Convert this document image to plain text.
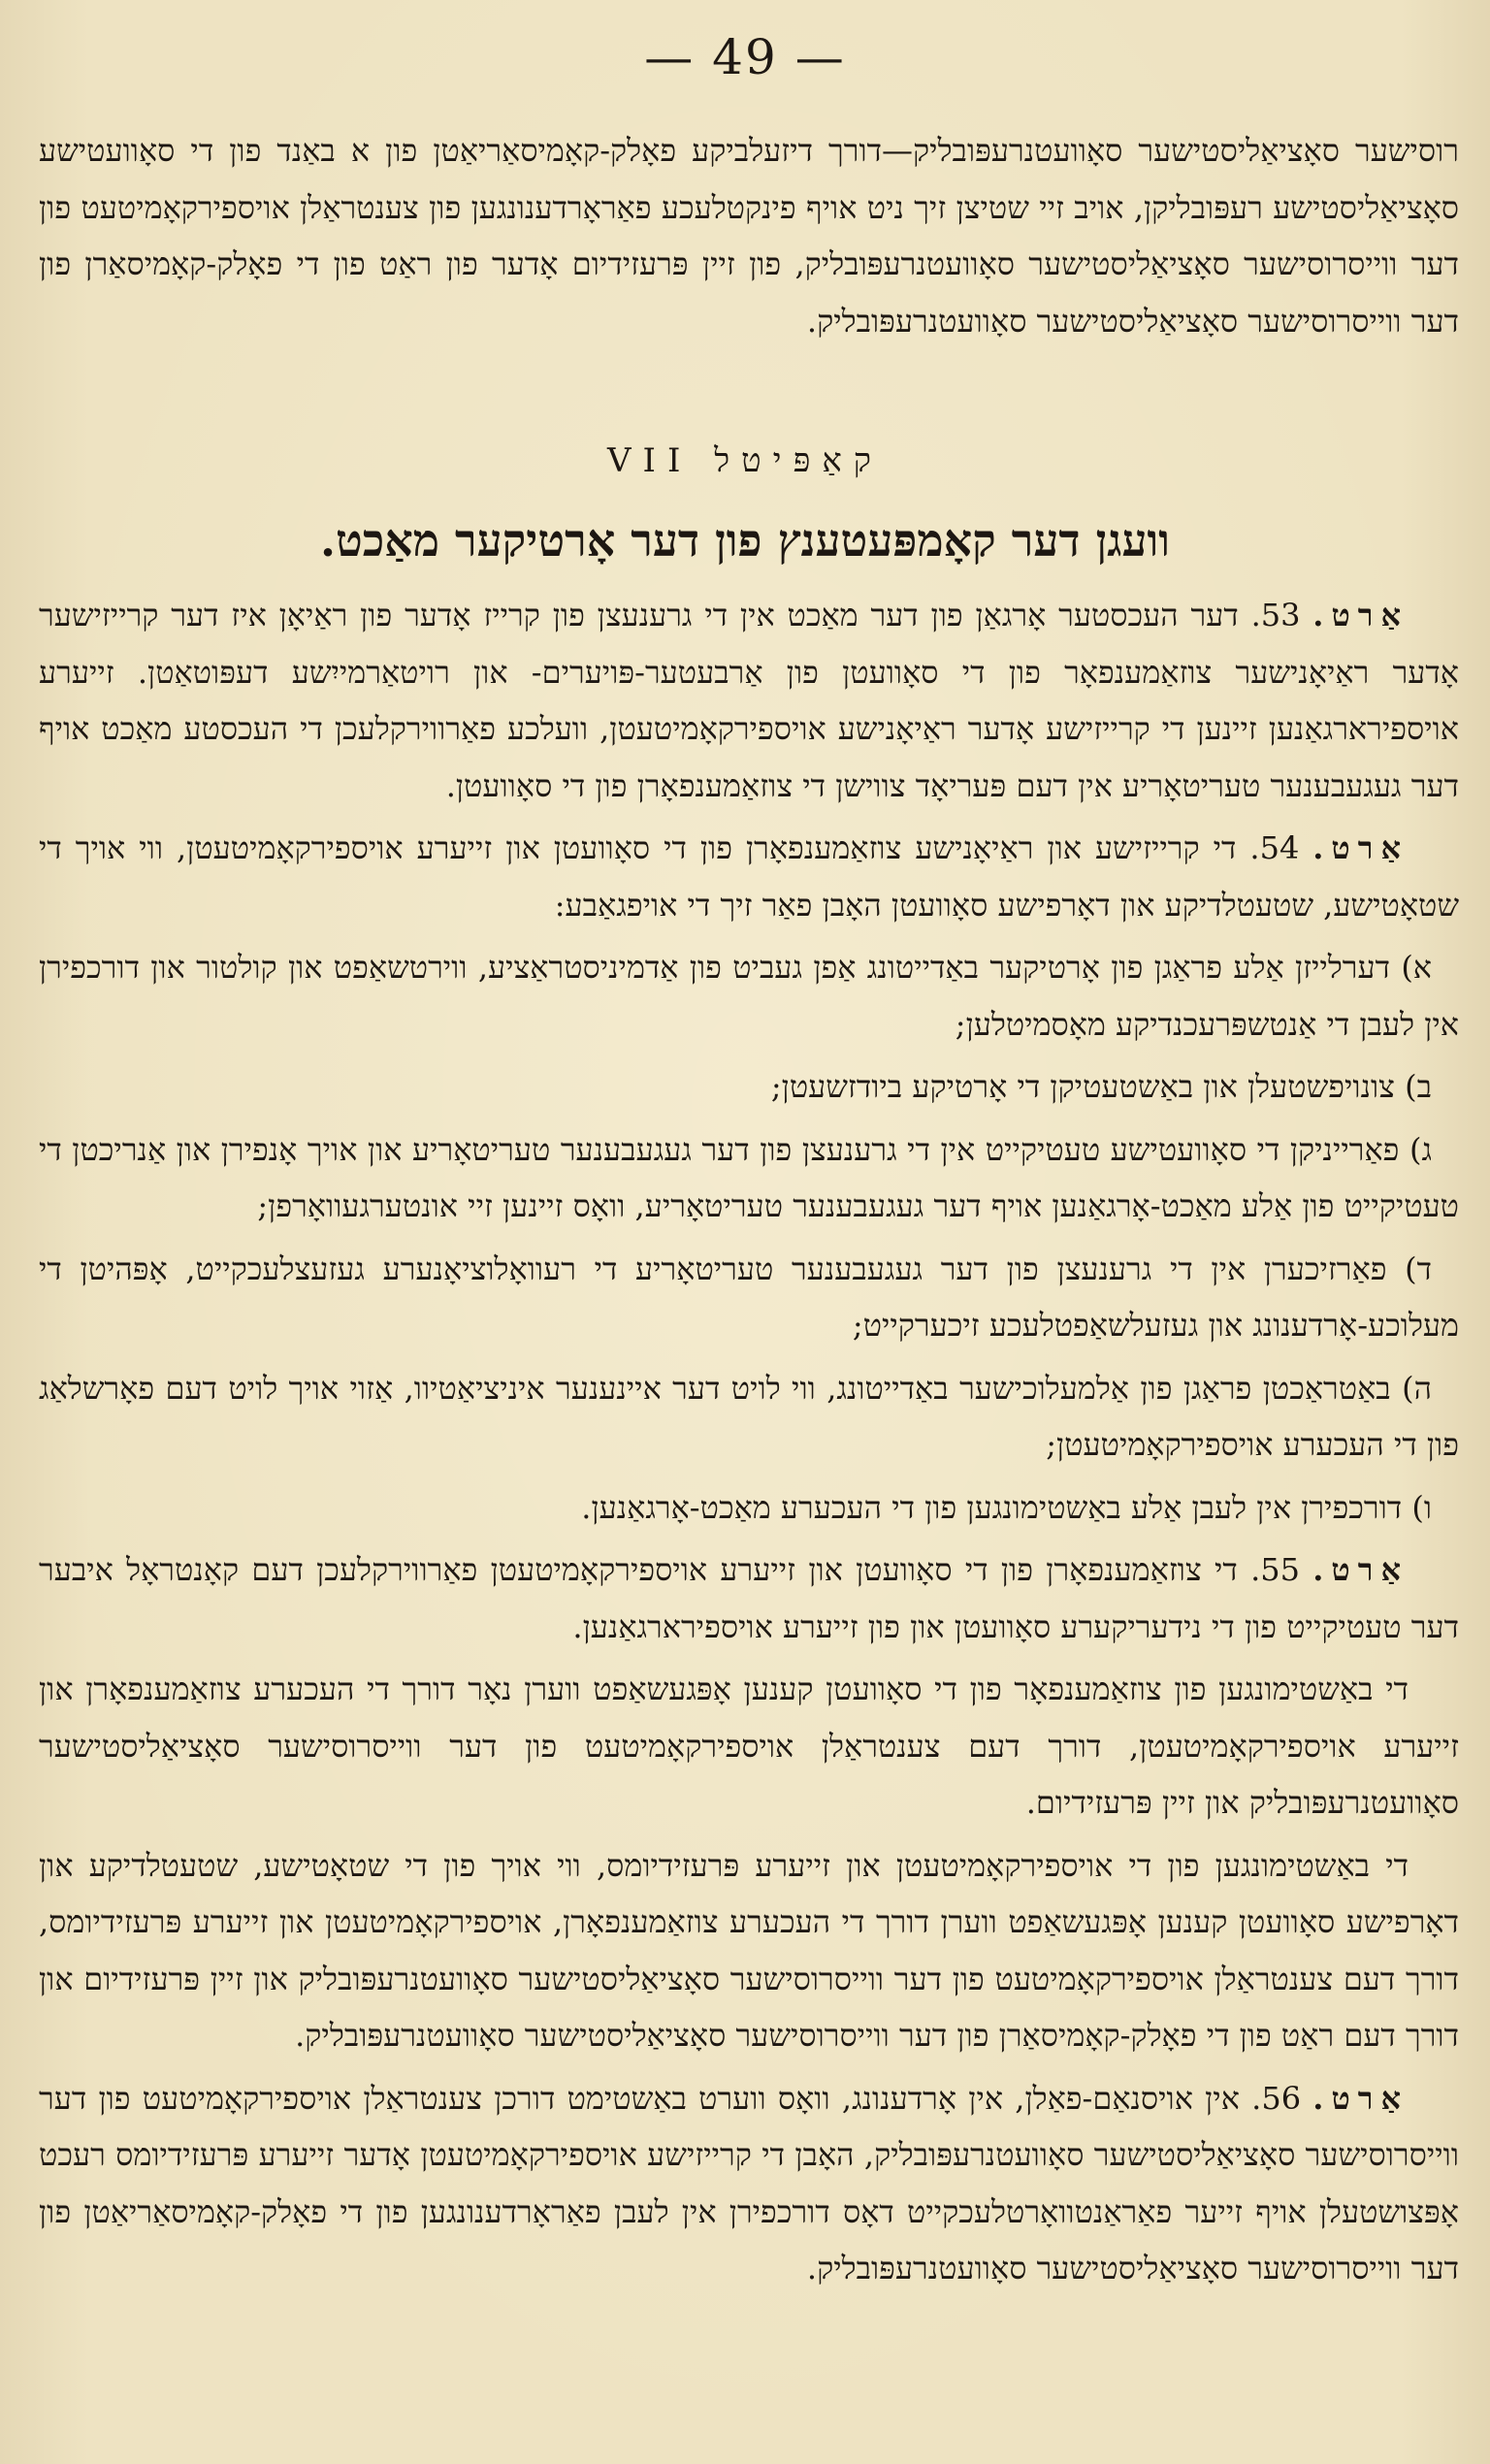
— 49 —

רוסישער סאָציאַליסטישער סאָוועטנרעפּובליק—דורך דיזעלביקע פאָלק-קאָמיסאַריאַטן פון א באַנד פון די סאָוועטישע סאָציאַליסטישע רעפּובליקן, אויב זיי שטיצן זיך ניט אויף פינקטלעכע פאַראָרדענונגען פון צענטראַלן אויספירקאָמיטעט פון דער ווייסרוסישער סאָציאַליסטישער סאָוועטנרעפּובליק, פון זיין פּרעזידיום אָדער פון ראַט פון די פאָלק-קאָמיסאַרן פון דער ווייסרוסישער סאָציאַליסטישער סאָוועטנרעפּובליק.

קאַפּיטל VII
וועגן דער קאָמפּעטענץ פון דער אָרטיקער מאַכט.

אַרט. 53. דער העכסטער אָרגאַן פון דער מאַכט אין די גרענעצן פון קרייז אָדער פון ראַיאָן איז דער קרייזישער אָדער ראַיאָנישער צוזאַמענפאָר פון די סאָוועטן פון אַרבעטער-פּויערים- און רויטאַרמייִשע דעפּוטאַטן. זייערע אויספירארגאַנען זיינען די קרייזישע אָדער ראַיאָנישע אויספירקאָמיטעטן, וועלכע פאַרווירקלעכן די העכסטע מאַכט אויף דער געגעבענער טעריטאָריע אין דעם פּעריאָד צווישן די צוזאַמענפאָרן פון די סאָוועטן.

אַרט. 54. די קרייזישע און ראַיאָנישע צוזאַמענפאָרן פון די סאָוועטן און זייערע אויספירקאָמיטעטן, ווי אויך די שטאָטישע, שטעטלדיקע און דאָרפישע סאָוועטן האָבן פאַר זיך די אויפגאַבע:

א) דערלייזן אַלע פראַגן פון אָרטיקער באַדייטונג אַפן געביט פון אַדמיניסטראַציע, ווירטשאַפט און קולטור און דורכפירן אין לעבן די אַנטשפּרעכנדיקע מאָסמיטלען;

ב) צונויפשטעלן און באַשטעטיקן די אָרטיקע ביודזשעטן;

ג) פאַרייניקן די סאָוועטישע טעטיקייט אין די גרענעצן פון דער געגעבענער טעריטאָריע און אויך אָנפירן און אַנריכטן די טעטיקייט פון אַלע מאַכט-אָרגאַנען אויף דער געגעבענער טעריטאָריע, וואָס זיינען זיי אונטערגעוואָרפן;

ד) פאַרזיכערן אין די גרענעצן פון דער געגעבענער טעריטאָריע די רעוואָלוציאָנערע געזעצלעכקייט, אָפּהיטן די מעלוכע-אָרדענונג און געזעלשאַפטלעכע זיכערקייט;

ה) באַטראַכטן פראַגן פון אַלמעלוכישער באַדייטונג, ווי לויט דער איינענער איניציאַטיוו, אַזוי אויך לויט דעם פאָרשלאַג פון די העכערע אויספירקאָמיטעטן;

ו) דורכפירן אין לעבן אַלע באַשטימונגען פון די העכערע מאַכט-אָרגאַנען.

אַרט. 55. די צוזאַמענפאָרן פון די סאָוועטן און זייערע אויספירקאָמיטעטן פאַרווירקלעכן דעם קאָנטראָל איבער דער טעטיקייט פון די נידעריקערע סאָוועטן און פון זייערע אויספירארגאַנען.

די באַשטימונגען פון צוזאַמענפאָר פון די סאָוועטן קענען אָפּגעשאַפט ווערן נאָר דורך די העכערע צוזאַמענפאָרן און זייערע אויספירקאָמיטעטן, דורך דעם צענטראַלן אויספירקאָמיטעט פון דער ווייסרוסישער סאָציאַליסטישער סאָוועטנרעפּובליק און זיין פּרעזידיום.

די באַשטימונגען פון די אויספירקאָמיטעטן און זייערע פּרעזידיומס, ווי אויך פון די שטאָטישע, שטעטלדיקע און דאָרפישע סאָוועטן קענען אָפּגעשאַפט ווערן דורך די העכערע צוזאַמענפאָרן, אויספירקאָמיטעטן און זייערע פּרעזידיומס, דורך דעם צענטראַלן אויספירקאָמיטעט פון דער ווייסרוסישער סאָציאַליסטישער סאָוועטנרעפּובליק און זיין פּרעזידיום און דורך דעם ראַט פון די פאָלק-קאָמיסאַרן פון דער ווייסרוסישער סאָציאַליסטישער סאָוועטנרעפּובליק.

אַרט. 56. אין אויסנאַם-פאַלן, אין אָרדענונג, וואָס ווערט באַשטימט דורכן צענטראַלן אויספירקאָמיטעט פון דער ווייסרוסישער סאָציאַליסטישער סאָוועטנרעפּובליק, האָבן די קרייזישע אויספירקאָמיטעטן אָדער זייערע פּרעזידיומס רעכט אָפּצושטעלן אויף זייער פאַראַנטוואָרטלעכקייט דאָס דורכפירן אין לעבן פאַראָרדענונגען פון די פאָלק-קאָמיסאַריאַטן פון דער ווייסרוסישער סאָציאַליסטישער סאָוועטנרעפּובליק.
